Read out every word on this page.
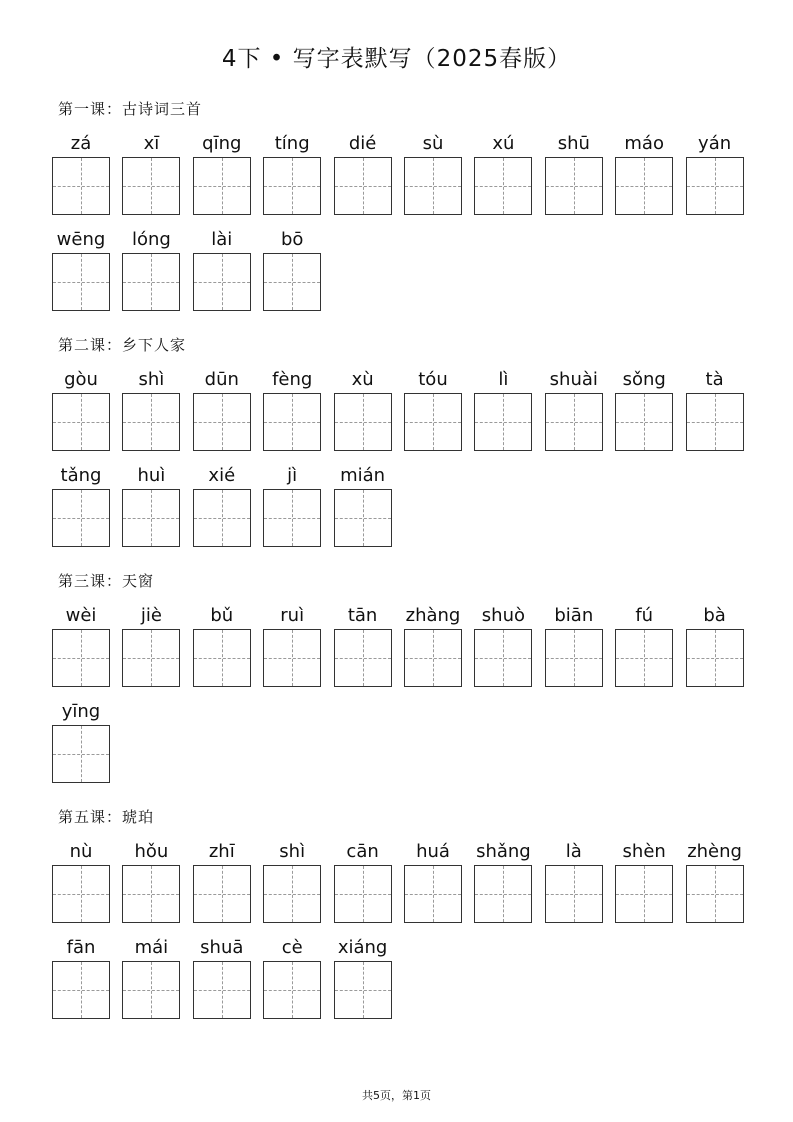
4下 • 写字表默写（2025春版）
第一课：古诗词三首
第二课：乡下人家
第三课：天窗
第五课：琥珀
zá	xī	qīng	tíng	dié	sù	xú	shū	máo	yán
wēng	lóng	lài	bō
gòu	shì	dūn	fèng	xù	tóu	lì	shuài	sǒng	tà
tǎng	huì	xié	jì	mián
wèi	jiè	bǔ	ruì	tān	zhàng	shuò	biān	fú	bà
yīng
nù	hǒu	zhī	shì	cān	huá	shǎng	là	shèn	zhèng
fān	mái	shuā	cè	xiáng
共5页，第1页
